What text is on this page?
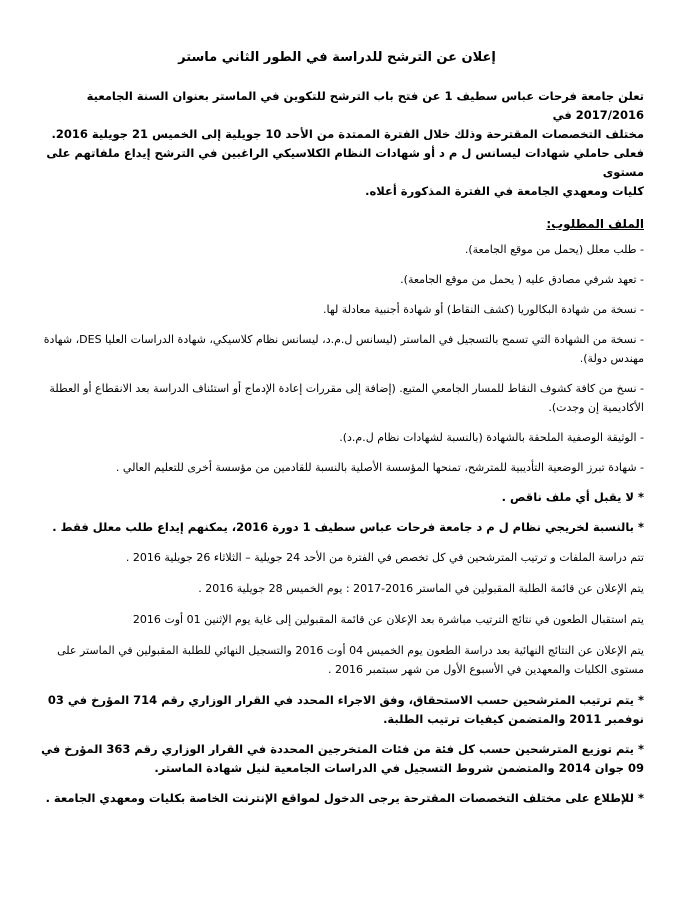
إعلان عن الترشح للدراسة في الطور الثاني ماستر

تعلن جامعة فرحات عباس سطيف 1 عن فتح باب الترشح للتكوين في الماستر بعنوان السنة الجامعية 2017/2016 في

مختلف التخصصات المقترحة وذلك خلال الفترة الممتدة من الأحد 10 جويلية إلى الخميس 21 جويلية 2016.

فعلى حاملي شهادات ليسانس ل م د أو شهادات النظام الكلاسيكي الراغبين في الترشح إيداع ملفاتهم على مستوى

كليات ومعهدي الجامعة في الفترة المذكورة أعلاه.

الملف المطلوب:
- طلب معلل (يحمل من موقع الجامعة).
- تعهد شرفي مصادق عليه ( يحمل من موقع الجامعة).
- نسخة من شهادة البكالوريا (كشف النقاط) أو شهادة أجنبية معادلة لها.
- نسخة من الشهادة التي تسمح بالتسجيل في الماستر (ليسانس ل.م.د، ليسانس نظام كلاسيكي، شهادة الدراسات العليا DES، شهادة مهندس دولة).
- نسخ من كافة كشوف النقاط للمسار الجامعي المتبع. (إضافة إلى مقررات إعادة الإدماج أو استئناف الدراسة بعد الانقطاع أو العطلة الأكاديمية إن وجدت).
- الوثيقة الوصفية الملحقة بالشهادة (بالنسبة لشهادات نظام ل.م.د).
- شهادة تبرز الوضعية التأديبية للمترشح، تمنحها المؤسسة الأصلية بالنسبة للقادمين من مؤسسة أخرى للتعليم العالي .
* لا يقبل أي ملف ناقص .
* بالنسبة لخريجي نظام ل م د جامعة فرحات عباس سطيف 1 دورة 2016، يمكنهم إيداع طلب معلل فقط .
تتم دراسة الملفات و ترتيب المترشحين في كل تخصص في الفترة من الأحد 24 جويلية – الثلاثاء 26 جويلية 2016 .
يتم الإعلان عن قائمة الطلبة المقبولين في الماستر 2016-2017 : يوم الخميس 28 جويلية 2016 .
يتم استقبال الطعون في نتائج الترتيب مباشرة بعد الإعلان عن قائمة المقبولين إلى غاية يوم الإثنين 01 أوت 2016
يتم الإعلان عن النتائج النهائية بعد دراسة الطعون يوم الخميس 04 أوت 2016 والتسجيل النهائي للطلبة المقبولين في الماستر على مستوى الكليات والمعهدين في الأسبوع الأول من شهر سبتمبر 2016 .
* يتم ترتيب المترشحين حسب الاستحقاق، وفق الاجراء المحدد في القرار الوزاري رقم 714 المؤرخ في 03 نوفمبر 2011 والمتضمن كيفيات ترتيب الطلبة.
* يتم توزيع المترشحين حسب كل فئة من فئات المتخرجين المحددة في القرار الوزاري رقم 363 المؤرخ في 09 جوان 2014 والمتضمن شروط التسجيل في الدراسات الجامعية لنيل شهادة الماستر.
* للإطلاع على مختلف التخصصات المقترحة يرجى الدخول لمواقع الإنترنت الخاصة بكليات ومعهدي الجامعة .
